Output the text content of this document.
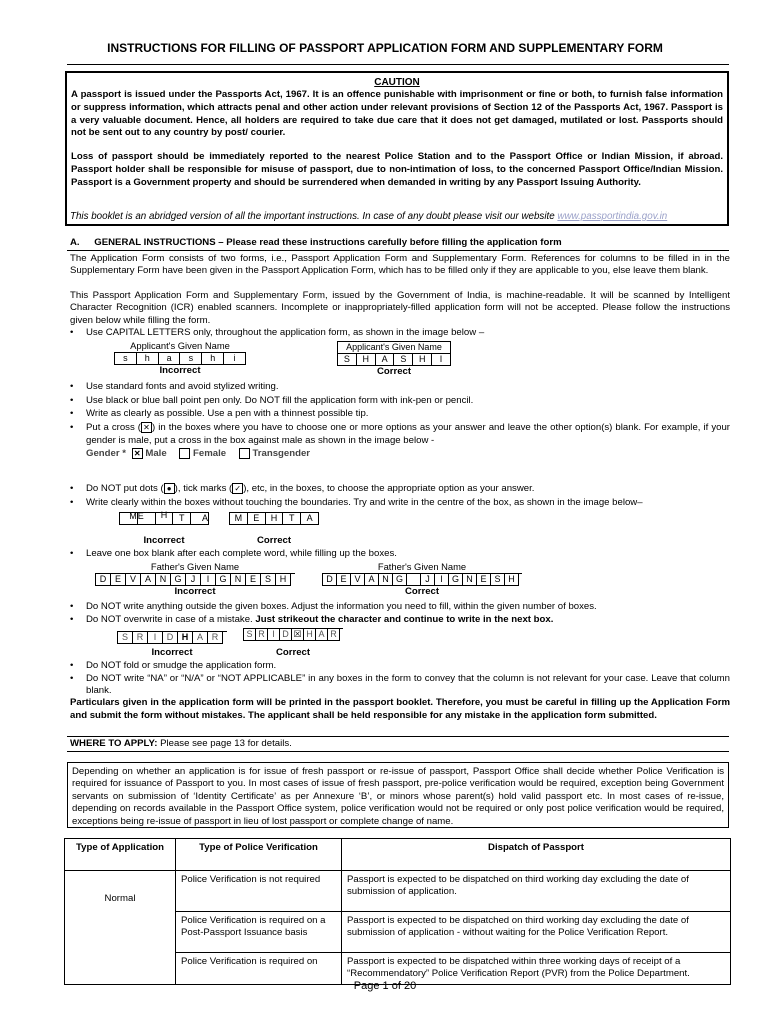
INSTRUCTIONS FOR FILLING OF PASSPORT APPLICATION FORM AND SUPPLEMENTARY FORM
CAUTION

A passport is issued under the Passports Act, 1967. It is an offence punishable with imprisonment or fine or both, to furnish false information or suppress information, which attracts penal and other action under relevant provisions of Section 12 of the Passports Act, 1967. Passport is a very valuable document. Hence, all holders are required to take due care that it does not get damaged, mutilated or lost. Passports should not be sent out to any country by post/ courier.

Loss of passport should be immediately reported to the nearest Police Station and to the Passport Office or Indian Mission, if abroad. Passport holder shall be responsible for misuse of passport, due to non-intimation of loss, to the concerned Passport Office/Indian Mission. Passport is a Government property and should be surrendered when demanded in writing by any Passport Issuing Authority.

This booklet is an abridged version of all the important instructions. In case of any doubt please visit our website www.passportindia.gov.in
A. GENERAL INSTRUCTIONS – Please read these instructions carefully before filling the application form
The Application Form consists of two forms, i.e., Passport Application Form and Supplementary Form. References for columns to be filled in in the Supplementary Form have been given in the Passport Application Form, which has to be filled only if they are applicable to you, else leave them blank.
This Passport Application Form and Supplementary Form, issued by the Government of India, is machine-readable. It will be scanned by Intelligent Character Recognition (ICR) enabled scanners. Incomplete or inappropriately-filled application form will not be accepted. Please follow the instructions given below while filling the form.
• Use CAPITAL LETTERS only, throughout the application form, as shown in the image below –
Applicant's Given Name
s	h	a	s	h	i
Incorrect
Applicant's Given Name
S	H	A	S	H	I
Correct
• Use standard fonts and avoid stylized writing.
• Use black or blue ball point pen only. Do NOT fill the application form with ink-pen or pencil.
• Write as clearly as possible. Use a pen with a thinnest possible tip.
• Put a cross ( ✕ ) in the boxes where you have to choose one or more options as your answer and leave the other option(s) blank. For example, if your gender is male, put a cross in the box against male as shown in the image below -
Gender * ✕ Male	Female	Transgender
• Do NOT put dots ( ● ), tick marks ( ✓ ), etc, in the boxes, to choose the appropriate option as your answer.
• Write clearly within the boxes without touching the boundaries. Try and write in the centre of the box, as shown in the image below–
M E	H	T	A
Incorrect
M	E	H	T	A
Correct
• Leave one box blank after each complete word, while filling up the boxes.
Father's Given Name
D E V A N G	J	I	G N E S H
Incorrect
Father's Given Name
D E V A N G	J	I	G N E S H
Correct
• Do NOT write anything outside the given boxes. Adjust the information you need to fill, within the given number of boxes.
• Do NOT overwrite in case of a mistake. Just strikeout the character and continue to write in the next box.
S R	I	D H A R
Incorrect
S R I D ☒ H A R
Correct
• Do NOT fold or smudge the application form.
• Do NOT write “NA” or “N/A” or “NOT APPLICABLE” in any boxes in the form to convey that the column is not relevant for your case. Leave that column blank.
Particulars given in the application form will be printed in the passport booklet. Therefore, you must be careful in filling up the Application Form and submit the form without mistakes. The applicant shall be held responsible for any mistake in the application form submitted.
WHERE TO APPLY: Please see page 13 for details.
Depending on whether an application is for issue of fresh passport or re-issue of passport, Passport Office shall decide whether Police Verification is required for issuance of Passport to you. In most cases of issue of fresh passport, pre-police verification would be required, exception being Government servants on submission of ‘Identity Certificate’ as per Annexure ‘B’, or minors whose parent(s) hold valid passport etc. In most cases of re-issue, depending on records available in the Passport Office system, police verification would not be required or only post police verification would be required, exceptions being re-issue of passport in lieu of lost passport or complete change of name.
Type of Application	Type of Police Verification	Dispatch of Passport
Normal	Police Verification is not required	Passport is expected to be dispatched on third working day excluding the date of submission of application.
	Police Verification is required on a Post-Passport Issuance basis	Passport is expected to be dispatched on third working day excluding the date of submission of application - without waiting for the Police Verification Report.
	Police Verification is required on	Passport is expected to be dispatched within three working days of receipt of a “Recommendatory” Police Verification Report (PVR) from the Police Department.
Page 1 of 20
